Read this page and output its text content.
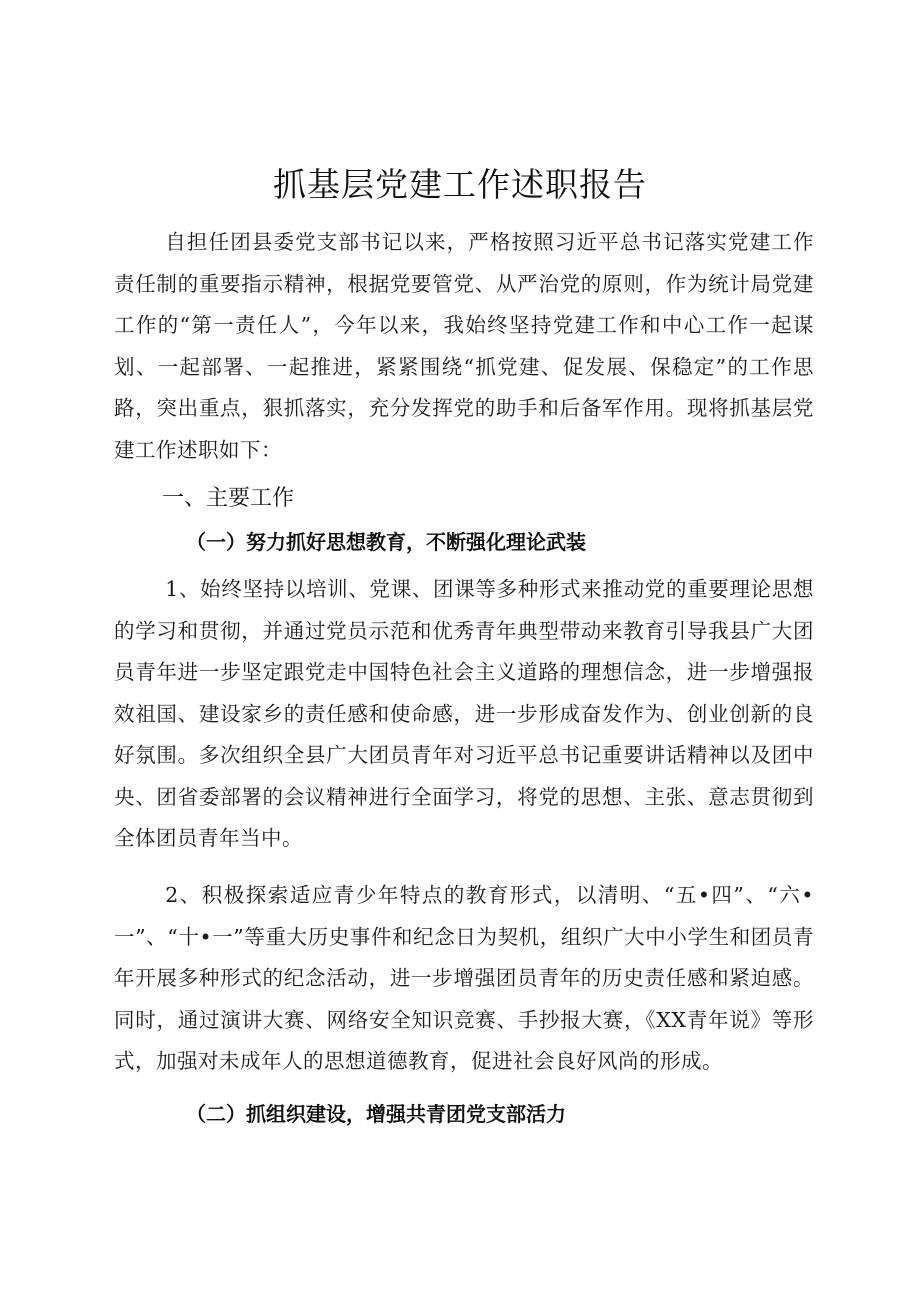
抓基层党建工作述职报告

自担任团县委党支部书记以来，严格按照习近平总书记落实党建工作责任制的重要指示精神，根据党要管党、从严治党的原则，作为统计局党建工作的“第一责任人”，今年以来，我始终坚持党建工作和中心工作一起谋划、一起部署、一起推进，紧紧围绕“抓党建、促发展、保稳定”的工作思路，突出重点，狠抓落实，充分发挥党的助手和后备军作用。现将抓基层党建工作述职如下：

一、主要工作
（一）努力抓好思想教育，不断强化理论武装

1、始终坚持以培训、党课、团课等多种形式来推动党的重要理论思想的学习和贯彻，并通过党员示范和优秀青年典型带动来教育引导我县广大团员青年进一步坚定跟党走中国特色社会主义道路的理想信念，进一步增强报效祖国、建设家乡的责任感和使命感，进一步形成奋发作为、创业创新的良好氛围。多次组织全县广大团员青年对习近平总书记重要讲话精神以及团中央、团省委部署的会议精神进行全面学习，将党的思想、主张、意志贯彻到全体团员青年当中。

2、积极探索适应青少年特点的教育形式，以清明、“五•四”、“六•一”、“十•一”等重大历史事件和纪念日为契机，组织广大中小学生和团员青年开展多种形式的纪念活动，进一步增强团员青年的历史责任感和紧迫感。同时，通过演讲大赛、网络安全知识竞赛、手抄报大赛，《XX青年说》等形式，加强对未成年人的思想道德教育，促进社会良好风尚的形成。

（二）抓组织建设，增强共青团党支部活力
